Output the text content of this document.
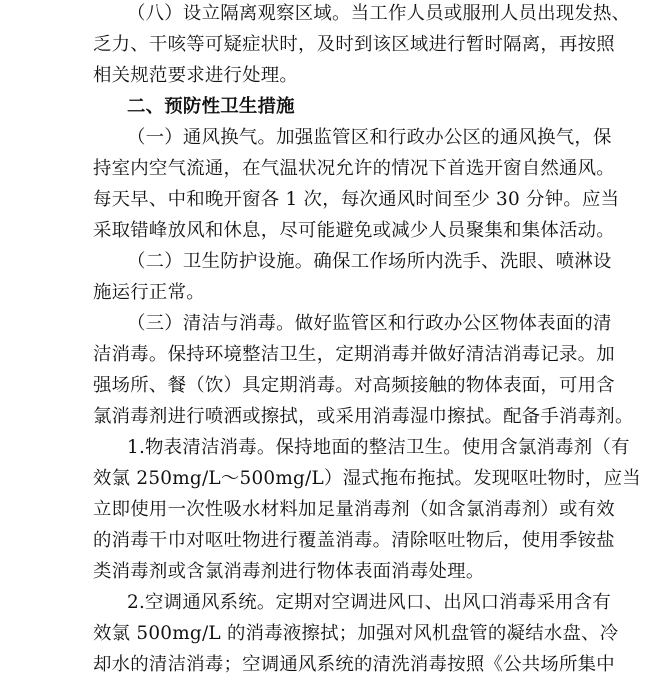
（八）设立隔离观察区域。当工作人员或服刑人员出现发热、
乏力、干咳等可疑症状时，及时到该区域进行暂时隔离，再按照
相关规范要求进行处理。
二、预防性卫生措施
（一）通风换气。加强监管区和行政办公区的通风换气，保
持室内空气流通，在气温状况允许的情况下首选开窗自然通风。
每天早、中和晚开窗各 1 次，每次通风时间至少 30 分钟。应当
采取错峰放风和休息，尽可能避免或减少人员聚集和集体活动。
（二）卫生防护设施。确保工作场所内洗手、洗眼、喷淋设
施运行正常。
（三）清洁与消毒。做好监管区和行政办公区物体表面的清
洁消毒。保持环境整洁卫生，定期消毒并做好清洁消毒记录。加
强场所、餐（饮）具定期消毒。对高频接触的物体表面，可用含
氯消毒剂进行喷洒或擦拭，或采用消毒湿巾擦拭。配备手消毒剂。
1.物表清洁消毒。保持地面的整洁卫生。使用含氯消毒剂（有
效氯 250mg/L～500mg/L）湿式拖布拖拭。发现呕吐物时，应当
立即使用一次性吸水材料加足量消毒剂（如含氯消毒剂）或有效
的消毒干巾对呕吐物进行覆盖消毒。清除呕吐物后，使用季铵盐
类消毒剂或含氯消毒剂进行物体表面消毒处理。
2.空调通风系统。定期对空调进风口、出风口消毒采用含有
效氯 500mg/L 的消毒液擦拭；加强对风机盘管的凝结水盘、冷
却水的清洁消毒；空调通风系统的清洗消毒按照《公共场所集中
